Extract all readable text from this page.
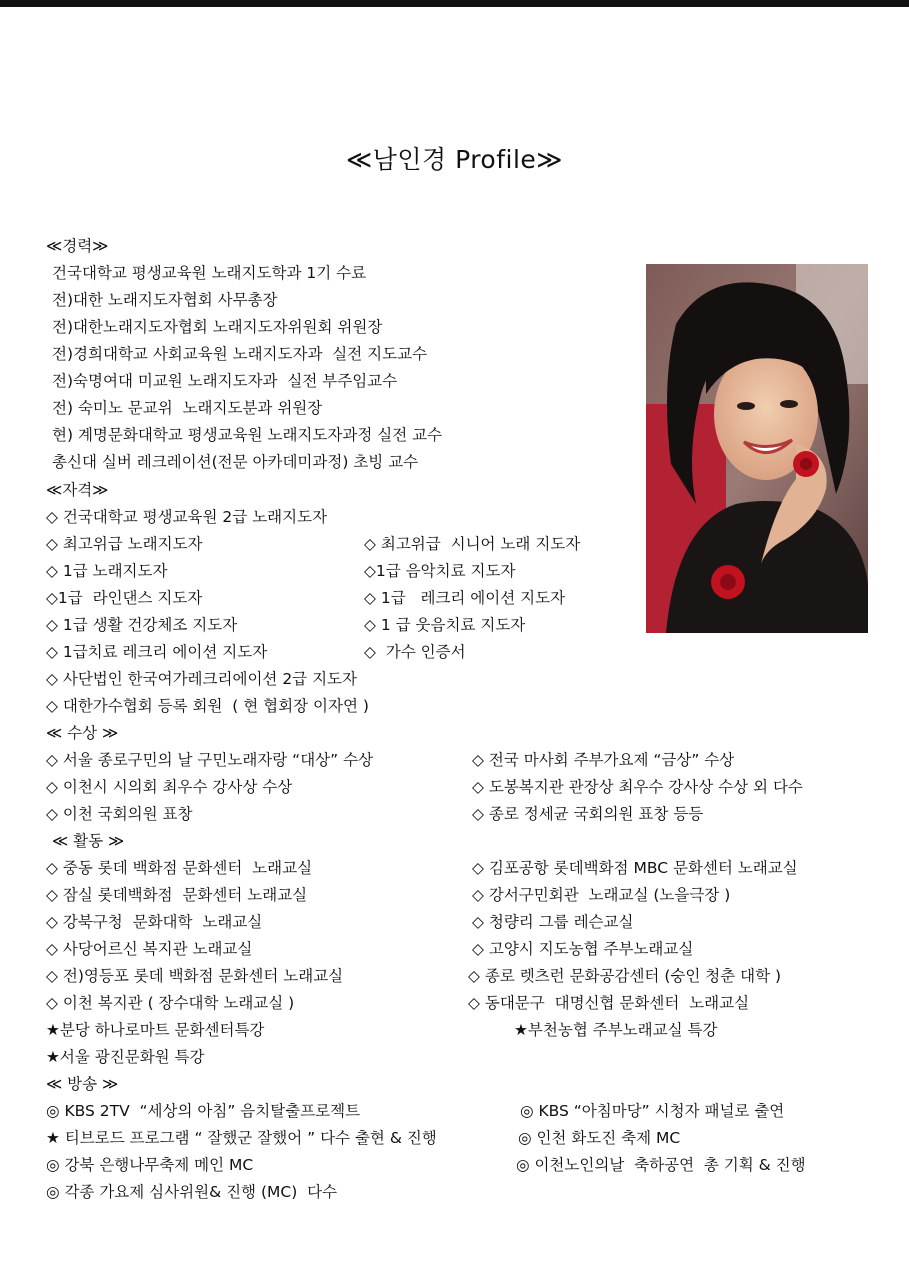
≪남인경 Profile≫
≪경력≫
건국대학교 평생교육원 노래지도학과 1기 수료
전)대한 노래지도자협회 사무총장
전)대한노래지도자협회 노래지도자위원회 위원장
전)경희대학교 사회교육원 노래지도자과  실전 지도교수
전)숙명여대 미교원 노래지도자과  실전 부주임교수
전) 숙미노 문교위  노래지도분과 위원장
현) 계명문화대학교 평생교육원 노래지도자과정 실전 교수
총신대 실버 레크레이션(전문 아카데미과정) 초빙 교수
≪자격≫
◇ 건국대학교 평생교육원 2급 노래지도자
◇ 최고위급 노래지도자	◇ 최고위급  시니어 노래 지도자
◇ 1급 노래지도자	◇1급 음악치료 지도자
◇1급  라인댄스 지도자	◇ 1급   레크리 에이션 지도자
◇ 1급 생활 건강체조 지도자	◇ 1 급 웃음치료 지도자
◇ 1급치료 레크리 에이션 지도자	◇  가수 인증서
◇ 사단법인 한국여가레크리에이션 2급 지도자
◇ 대한가수협회 등록 회원  ( 현 협회장 이자연 )
≪ 수상 ≫
◇ 서울 종로구민의 날 구민노래자랑 “대상” 수상	◇ 전국 마사회 주부가요제 “금상” 수상
◇ 이천시 시의회 최우수 강사상 수상	◇ 도봉복지관 관장상 최우수 강사상 수상 외 다수
◇ 이천 국회의원 표창	◇ 종로 정세균 국회의원 표창 등등
≪ 활동 ≫
◇ 중동 롯데 백화점 문화센터  노래교실	◇ 김포공항 롯데백화점 MBC 문화센터 노래교실
◇ 잠실 롯데백화점  문화센터 노래교실	◇ 강서구민회관  노래교실 (노을극장 )
◇ 강북구청  문화대학  노래교실	◇ 청량리 그룹 레슨교실
◇ 사당어르신 복지관 노래교실	◇ 고양시 지도농협 주부노래교실
◇ 전)영등포 롯데 백화점 문화센터 노래교실	◇ 종로 렛츠런 문화공감센터 (숭인 청춘 대학 )
◇ 이천 복지관 ( 장수대학 노래교실 )	◇ 동대문구  대명신협 문화센터  노래교실
★분당 하나로마트 문화센터특강	★부천농협 주부노래교실 특강
★서울 광진문화원 특강
≪ 방송 ≫
◎ KBS 2TV  “세상의 아침” 음치탈출프로젝트	◎ KBS “아침마당” 시청자 패널로 출연
★ 티브로드 프로그램 “ 잘했군 잘했어 ” 다수 출현 & 진행	◎ 인천 화도진 축제 MC
◎ 강북 은행나무축제 메인 MC	◎ 이천노인의날  축하공연  총 기획 & 진행
◎ 각종 가요제 심사위원& 진행 (MC)  다수
